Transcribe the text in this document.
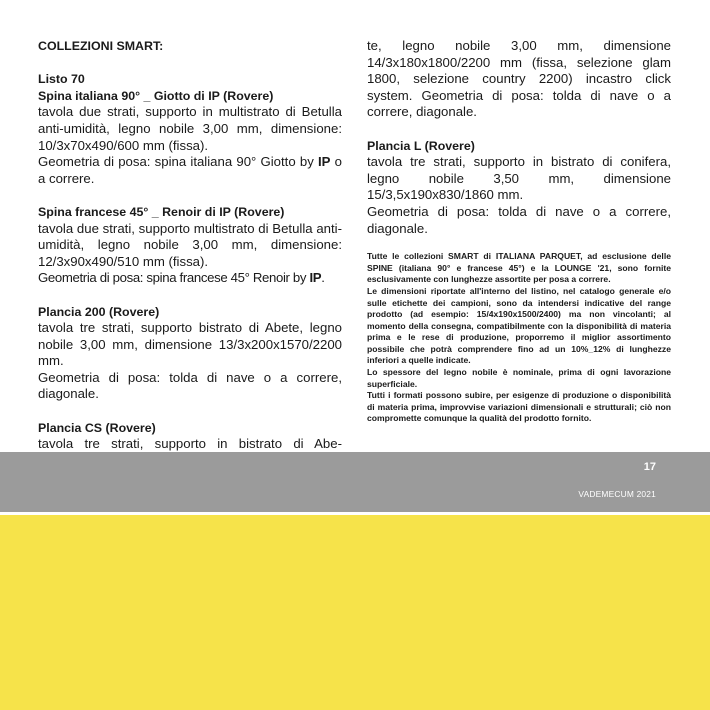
COLLEZIONI SMART:

Listo 70

Spina italiana 90° _ Giotto di IP (Rovere)

tavola due strati, supporto in multistrato di Betulla anti-umidità, legno nobile 3,00 mm, dimensione: 10/3x70x490/600 mm (fissa).

Geometria di posa: spina italiana 90° Giotto by IP o a correre.

Spina francese 45° _ Renoir di IP (Rovere)

tavola due strati, supporto multistrato di Betulla anti-umidità, legno nobile 3,00 mm, dimensione: 12/3x90x490/510 mm (fissa).

Geometria di posa: spina francese 45° Renoir by IP.

Plancia 200 (Rovere)

tavola tre strati, supporto bistrato di Abete, legno nobile 3,00 mm, dimensione 13/3x200x1570/2200 mm.

Geometria di posa: tolda di nave o a correre, diagonale.

Plancia CS (Rovere)

tavola tre strati, supporto in bistrato di Abe-

te, legno nobile 3,00 mm, dimensione 14/3x180x1800/2200 mm (fissa, selezione glam 1800, selezione country 2200) incastro click system. Geometria di posa: tolda di nave o a correre, diagonale.

Plancia L (Rovere)

tavola tre strati, supporto in bistrato di conifera, legno nobile 3,50 mm, dimensione 15/3,5x190x830/1860 mm.

Geometria di posa: tolda di nave o a correre, diagonale.

Tutte le collezioni SMART di ITALIANA PARQUET, ad esclusione delle SPINE (italiana 90° e francese 45°) e la LOUNGE '21, sono fornite esclusivamente con lunghezze assortite per posa a correre.

Le dimensioni riportate all'interno del listino, nel catalogo generale e/o sulle etichette dei campioni, sono da intendersi indicative del range prodotto (ad esempio: 15/4x190x1500/2400) ma non vincolanti; al momento della consegna, compatibilmente con la disponibilità di materia prima e le rese di produzione, proporremo il miglior assortimento possibile che potrà comprendere fino ad un 10%_12% di lunghezze inferiori a quelle indicate.

Lo spessore del legno nobile è nominale, prima di ogni lavorazione superficiale.

Tutti i formati possono subire, per esigenze di produzione o disponibilità di materia prima, improvvise variazioni dimensionali e strutturali; ciò non compromette comunque la qualità del prodotto fornito.

17
VADEMECUM 2021
